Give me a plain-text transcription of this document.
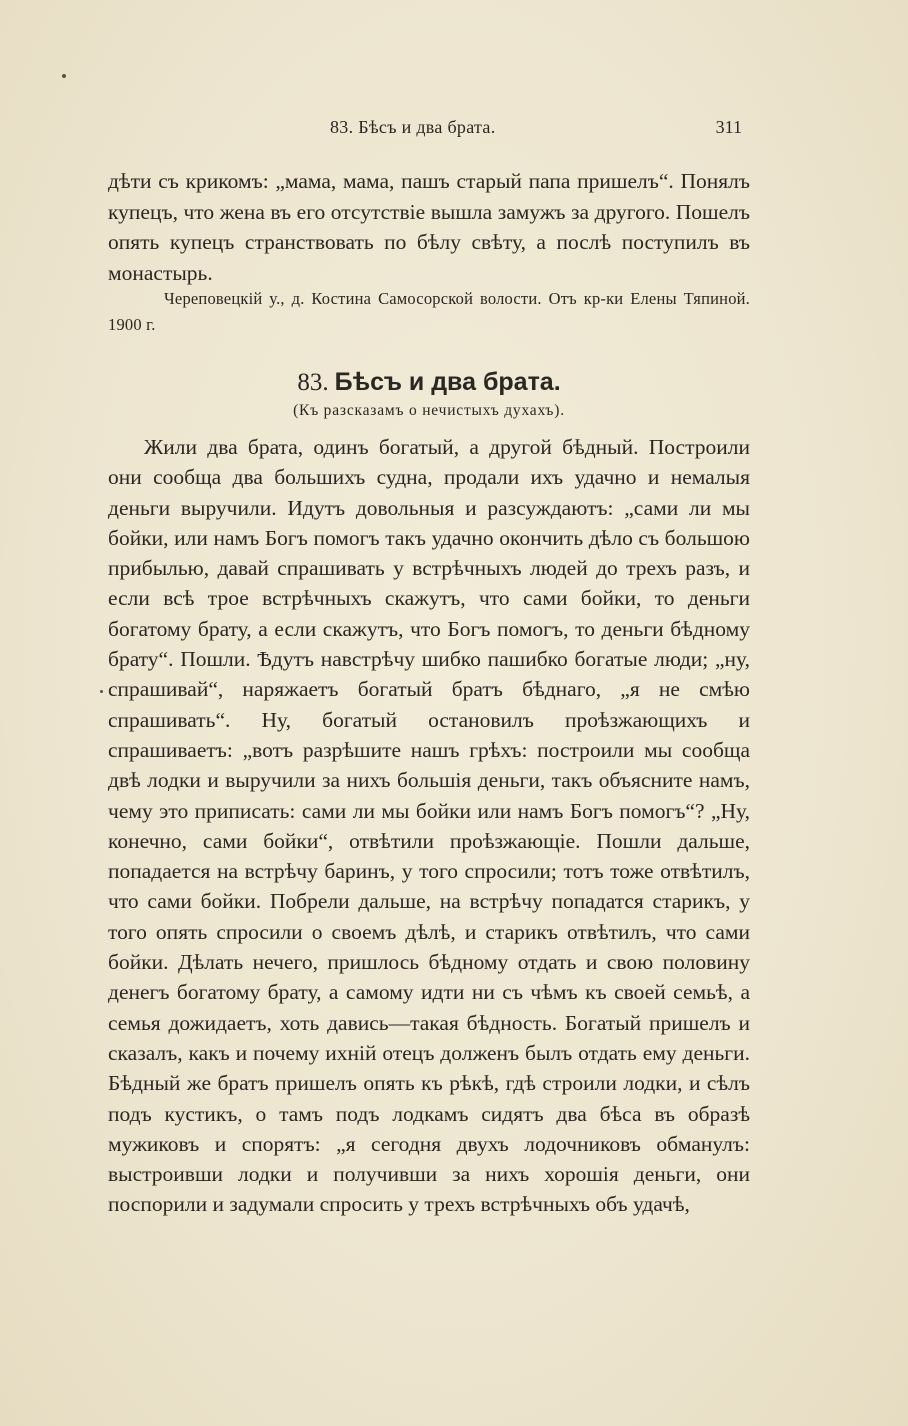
83. Бѣсъ и два брата.	311
дѣти съ крикомъ: „мама, мама, пашъ старый папа пришелъ“. Понялъ купецъ, что жена въ его отсутствіе вышла замужъ за другого. Пошелъ опять купецъ странствовать по бѣлу свѣту, а послѣ поступилъ въ монастырь.
Череповецкій у., д. Костина Самосорской волости. Отъ кр-ки Елены Тяпиной. 1900 г.
83. Бѣсъ и два брата.
(Къ разсказамъ о нечистыхъ духахъ).
Жили два брата, одинъ богатый, а другой бѣдный. Построили они сообща два большихъ судна, продали ихъ удачно и немалыя деньги выручили. Идутъ довольныя и разсуждаютъ: „сами ли мы бойки, или намъ Богъ помогъ такъ удачно окончить дѣло съ большою прибылью, давай спрашивать у встрѣчныхъ людей до трехъ разъ, и если всѣ трое встрѣчныхъ скажутъ, что сами бойки, то деньги богатому брату, а если скажутъ, что Богъ помогъ, то деньги бѣдному брату“. Пошли. Ѣдутъ навстрѣчу шибко пашибко богатые люди; „ну, спрашивай“, наряжаетъ богатый братъ бѣднаго, „я не смѣю спрашивать“. Ну, богатый остановилъ проѣзжающихъ и спрашиваетъ: „вотъ разрѣшите нашъ грѣхъ: построили мы сообща двѣ лодки и выручили за нихъ большія деньги, такъ объясните намъ, чему это приписать: сами ли мы бойки или намъ Богъ помогъ“? „Ну, конечно, сами бойки“, отвѣтили проѣзжающіе. Пошли дальше, попадается на встрѣчу баринъ, у того спросили; тотъ тоже отвѣтилъ, что сами бойки. Побрели дальше, на встрѣчу попадатся старикъ, у того опять спросили о своемъ дѣлѣ, и старикъ отвѣтилъ, что сами бойки. Дѣлать нечего, пришлось бѣдному отдать и свою половину денегъ богатому брату, а самому идти ни съ чѣмъ къ своей семьѣ, а семья дожидаетъ, хоть давись—такая бѣдность. Богатый пришелъ и сказалъ, какъ и почему ихній отецъ долженъ былъ отдать ему деньги. Бѣдный же братъ пришелъ опять къ рѣкѣ, гдѣ строили лодки, и сѣлъ подъ кустикъ, о тамъ подъ лодкамъ сидятъ два бѣса въ образѣ мужиковъ и спорятъ: „я сегодня двухъ лодочниковъ обманулъ: выстроивши лодки и получивши за нихъ хорошія деньги, они поспорили и задумали спросить у трехъ встрѣчныхъ объ удачѣ,
